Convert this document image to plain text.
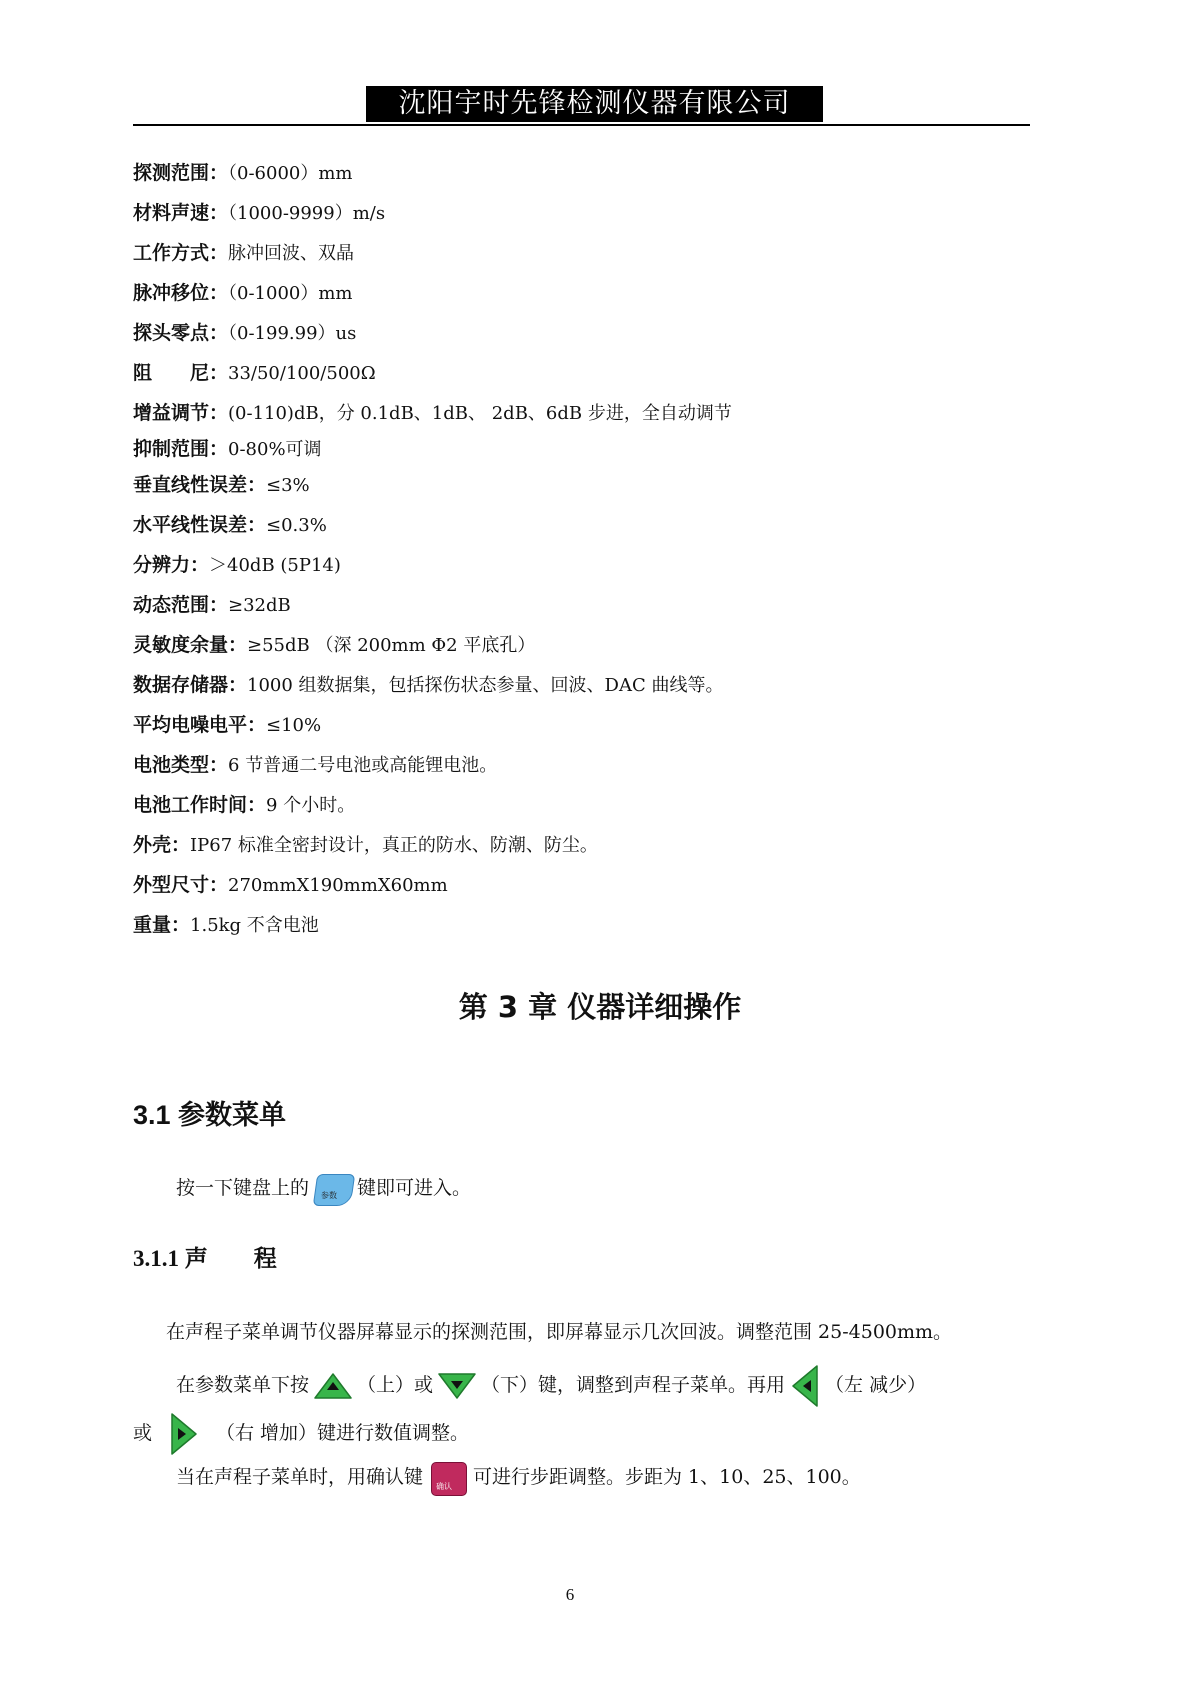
沈阳宇时先锋检测仪器有限公司
探测范围：（0-6000）mm
材料声速：（1000-9999）m/s
工作方式：脉冲回波、双晶
脉冲移位：（0-1000）mm
探头零点：（0-199.99）us
阻　　尼：33/50/100/500Ω
增益调节：(0-110)dB，分 0.1dB、1dB、 2dB、6dB 步进，全自动调节
抑制范围：0-80%可调
垂直线性误差：≤3%
水平线性误差：≤0.3%
分辨力：＞40dB (5P14)
动态范围：≥32dB
灵敏度余量：≥55dB （深 200mm Φ2 平底孔）
数据存储器：1000 组数据集，包括探伤状态参量、回波、DAC 曲线等。
平均电噪电平：≤10%
电池类型：6 节普通二号电池或高能锂电池。
电池工作时间：9 个小时。
外壳：IP67 标准全密封设计，真正的防水、防潮、防尘。
外型尺寸：270mmX190mmX60mm
重量：1.5kg 不含电池
第 3 章 仪器详细操作
3.1 参数菜单
按一下键盘上的 参数 键即可进入。
3.1.1 声　　程
在声程子菜单调节仪器屏幕显示的探测范围，即屏幕显示几次回波。调整范围 25-4500mm。
在参数菜单下按	（上）或	（下）键，调整到声程子菜单。再用 （左 减少）
或	（右 增加）键进行数值调整。
当在声程子菜单时，用确认键 确认 可进行步距调整。步距为 1、10、25、100。
6
